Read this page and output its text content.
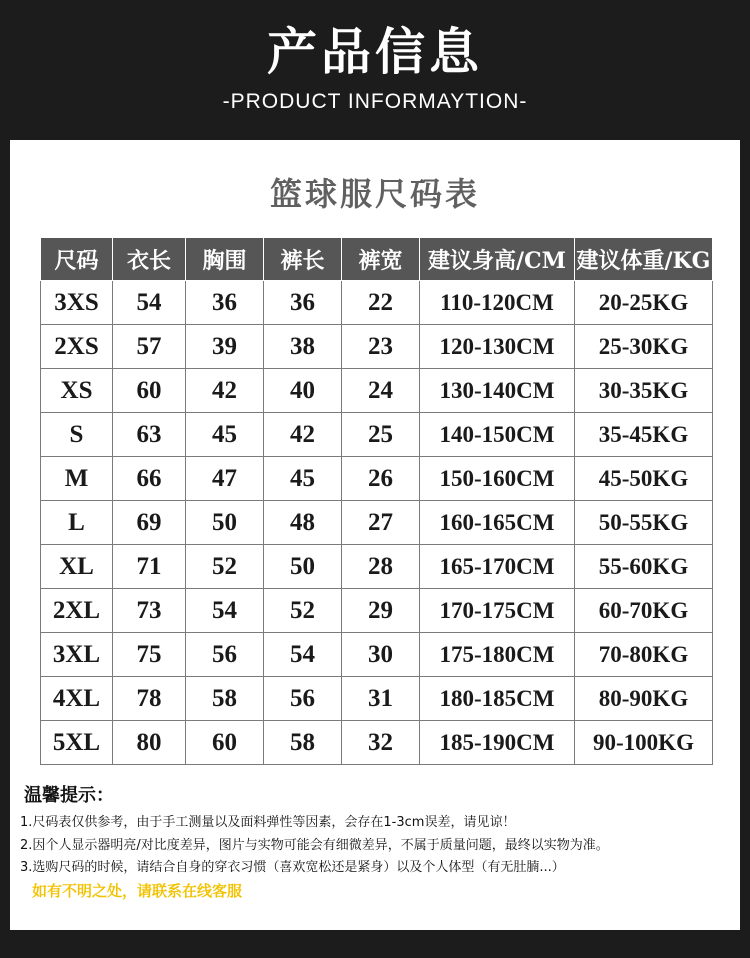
产品信息
-PRODUCT INFORMAYTION-
篮球服尺码表
尺码	衣长	胸围	裤长	裤宽	建议身高/CM	建议体重/KG
3XS	54	36	36	22	110-120CM	20-25KG
2XS	57	39	38	23	120-130CM	25-30KG
XS	60	42	40	24	130-140CM	30-35KG
S	63	45	42	25	140-150CM	35-45KG
M	66	47	45	26	150-160CM	45-50KG
L	69	50	48	27	160-165CM	50-55KG
XL	71	52	50	28	165-170CM	55-60KG
2XL	73	54	52	29	170-175CM	60-70KG
3XL	75	56	54	30	175-180CM	70-80KG
4XL	78	58	56	31	180-185CM	80-90KG
5XL	80	60	58	32	185-190CM	90-100KG
温馨提示：
1.尺码表仅供参考，由于手工测量以及面料弹性等因素，会存在1-3cm误差，请见谅！
2.因个人显示器明亮/对比度差异，图片与实物可能会有细微差异，不属于质量问题，最终以实物为准。
3.选购尺码的时候，请结合自身的穿衣习惯（喜欢宽松还是紧身）以及个人体型（有无肚腩...）
如有不明之处，请联系在线客服
